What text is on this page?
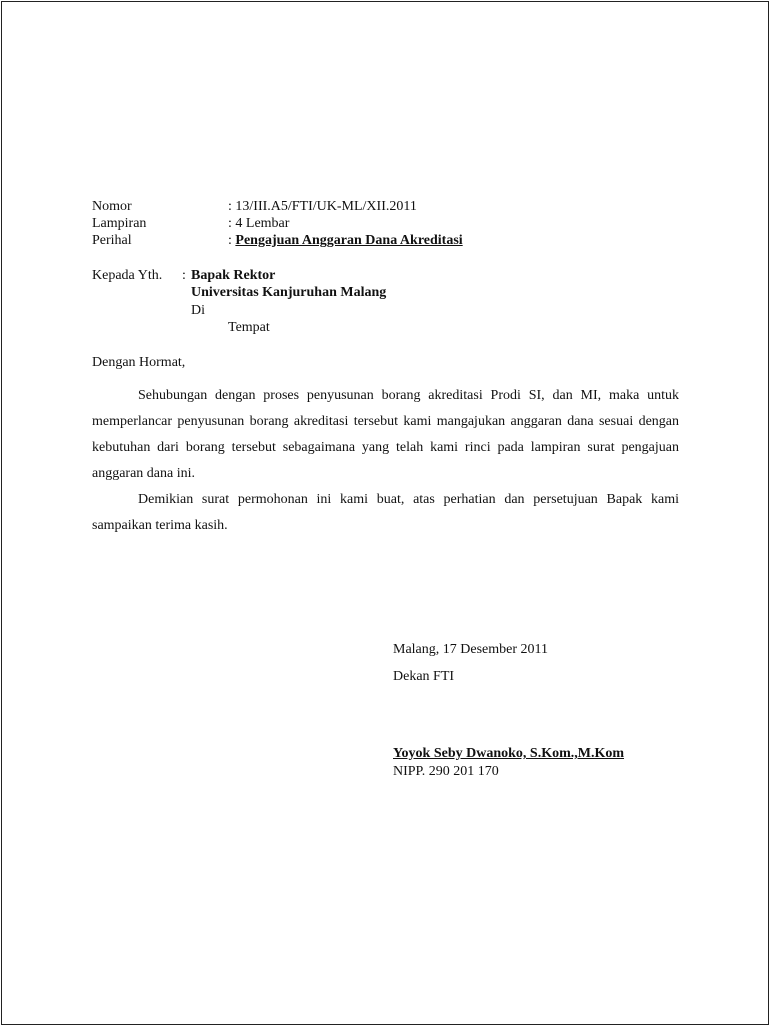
Nomor	: 13/III.A5/FTI/UK-ML/XII.2011
Lampiran	: 4 Lembar
Perihal	: Pengajuan Anggaran Dana Akreditasi
Kepada Yth. : Bapak Rektor
Universitas Kanjuruhan Malang
Di
Tempat
Dengan Hormat,
Sehubungan dengan proses penyusunan borang akreditasi Prodi SI, dan MI, maka untuk memperlancar penyusunan borang akreditasi tersebut kami mangajukan anggaran dana sesuai dengan kebutuhan dari borang tersebut sebagaimana yang telah kami rinci pada lampiran surat pengajuan anggaran dana ini.
Demikian surat permohonan ini kami buat, atas perhatian dan persetujuan Bapak kami sampaikan terima kasih.
Malang, 17 Desember 2011
Dekan FTI
Yoyok Seby Dwanoko, S.Kom.,M.Kom
NIPP. 290 201 170
